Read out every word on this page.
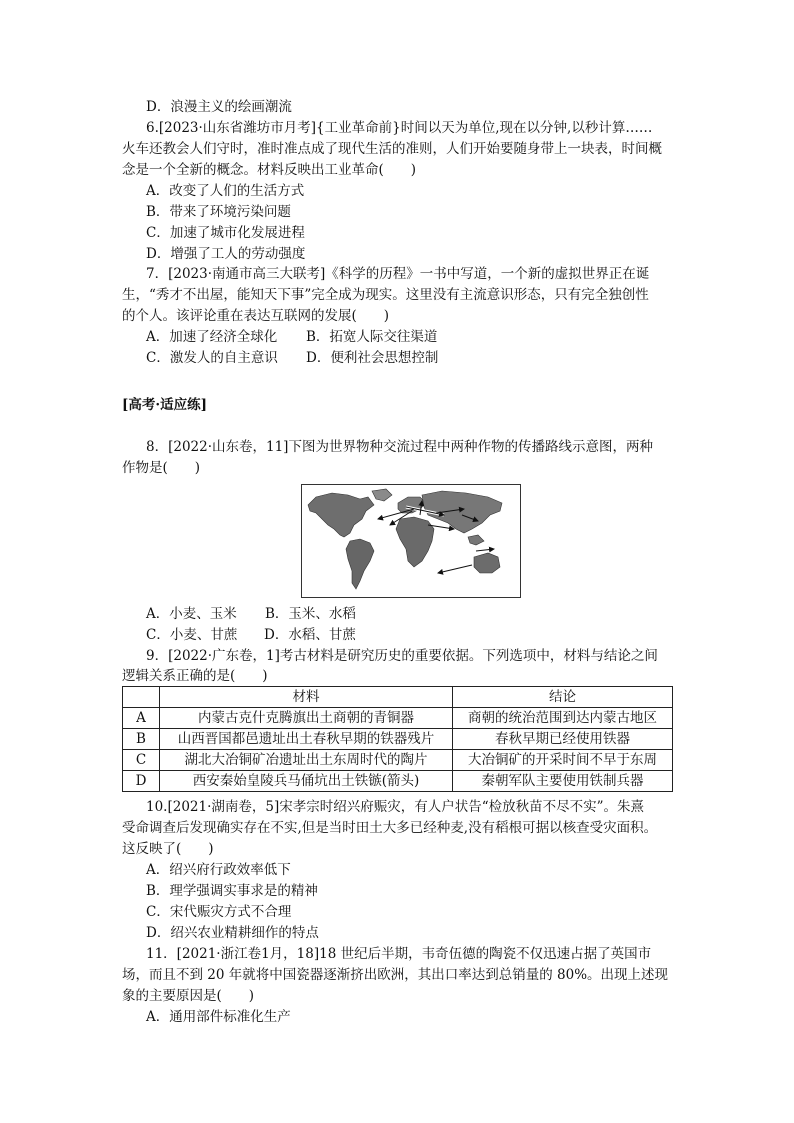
D．浪漫主义的绘画潮流
6.[2023·山东省潍坊市月考]{工业革命前}时间以天为单位,现在以分钟,以秒计算……
火车还教会人们守时，准时准点成了现代生活的准则，人们开始要随身带上一块表，时间概
念是一个全新的概念。材料反映出工业革命(　　)
A．改变了人们的生活方式
B．带来了环境污染问题
C．加速了城市化发展进程
D．增强了工人的劳动强度
7．[2023·南通市高三大联考]《科学的历程》一书中写道，一个新的虚拟世界正在诞
生，“秀才不出屋，能知天下事”完全成为现实。这里没有主流意识形态，只有完全独创性
的个人。该评论重在表达互联网的发展(　　)
A．加速了经济全球化 B．拓宽人际交往渠道
C．激发人的自主意识 D．便利社会思想控制
[高考·适应练]
8．[2022·山东卷，11]下图为世界物种交流过程中两种作物的传播路线示意图，两种
作物是(　　)
A．小麦、玉米 B．玉米、水稻
C．小麦、甘蔗 D．水稻、甘蔗
9．[2022·广东卷，1]考古材料是研究历史的重要依据。下列选项中，材料与结论之间
逻辑关系正确的是(　　)
	材料	结论
A	内蒙古克什克腾旗出土商朝的青铜器	商朝的统治范围到达内蒙古地区
B	山西晋国都邑遗址出土春秋早期的铁器残片	春秋早期已经使用铁器
C	湖北大冶铜矿冶遗址出土东周时代的陶片	大冶铜矿的开采时间不早于东周
D	西安秦始皇陵兵马俑坑出土铁镞(箭头)	秦朝军队主要使用铁制兵器
10.[2021·湖南卷，5]宋孝宗时绍兴府赈灾，有人户状告“检放秋苗不尽不实”。朱熹
受命调查后发现确实存在不实,但是当时田土大多已经种麦,没有稻根可据以核查受灾面积。
这反映了(　　)
A．绍兴府行政效率低下
B．理学强调实事求是的精神
C．宋代赈灾方式不合理
D．绍兴农业精耕细作的特点
11．[2021·浙江卷1月，18]18 世纪后半期，韦奇伍德的陶瓷不仅迅速占据了英国市
场，而且不到 20 年就将中国瓷器逐渐挤出欧洲，其出口率达到总销量的 80%。出现上述现
象的主要原因是(　　)
A．通用部件标准化生产
